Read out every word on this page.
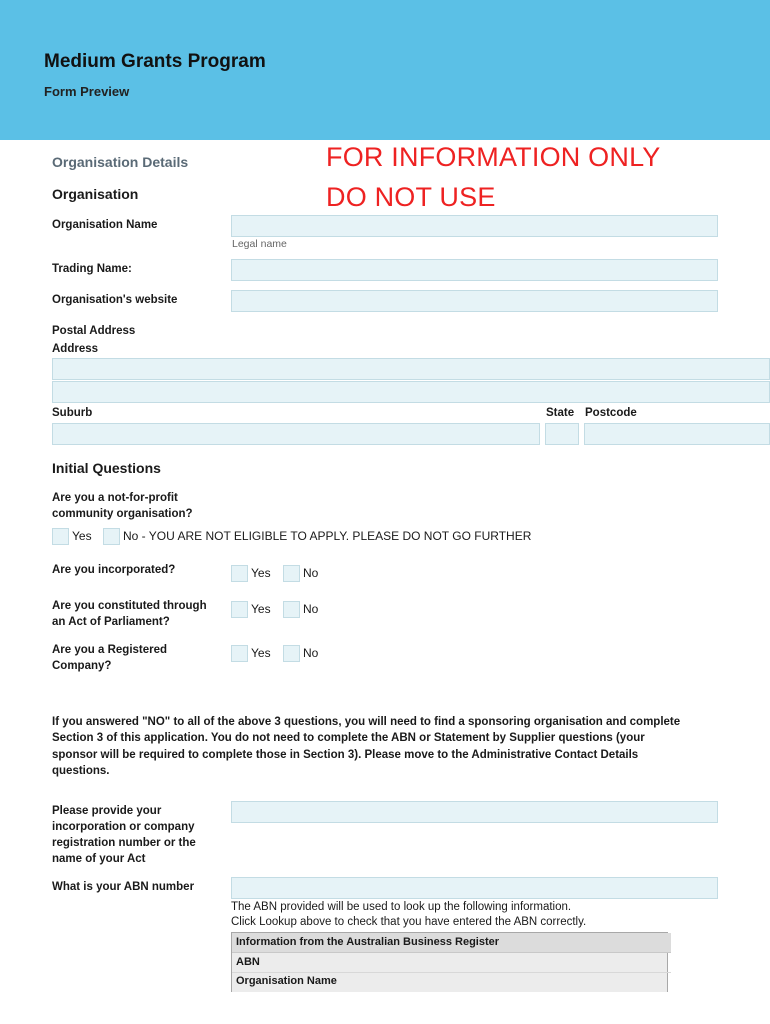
Medium Grants Program
Form Preview
FOR INFORMATION ONLY
DO NOT USE
Organisation Details
Organisation
Organisation Name
Legal name
Trading Name:
Organisation's website
Postal Address
Address
Suburb	State Postcode
Initial Questions
Are you a not-for-profit
community organisation?
Yes	No - YOU ARE NOT ELIGIBLE TO APPLY. PLEASE DO NOT GO FURTHER
Are you incorporated?	Yes	No
Are you constituted through
an Act of Parliament?
Yes	No
Are you a Registered
Company?
Yes	No
If you answered "NO" to all of the above 3 questions, you will need to find a sponsoring organisation and complete
Section 3 of this application. You do not need to complete the ABN or Statement by Supplier questions (your
sponsor will be required to complete those in Section 3). Please move to the Administrative Contact Details
questions.
Please provide your
incorporation or company
registration number or the
name of your Act
What is your ABN number
The ABN provided will be used to look up the following information.
Click Lookup above to check that you have entered the ABN correctly.
Information from the Australian Business Register
ABN
Organisation Name
